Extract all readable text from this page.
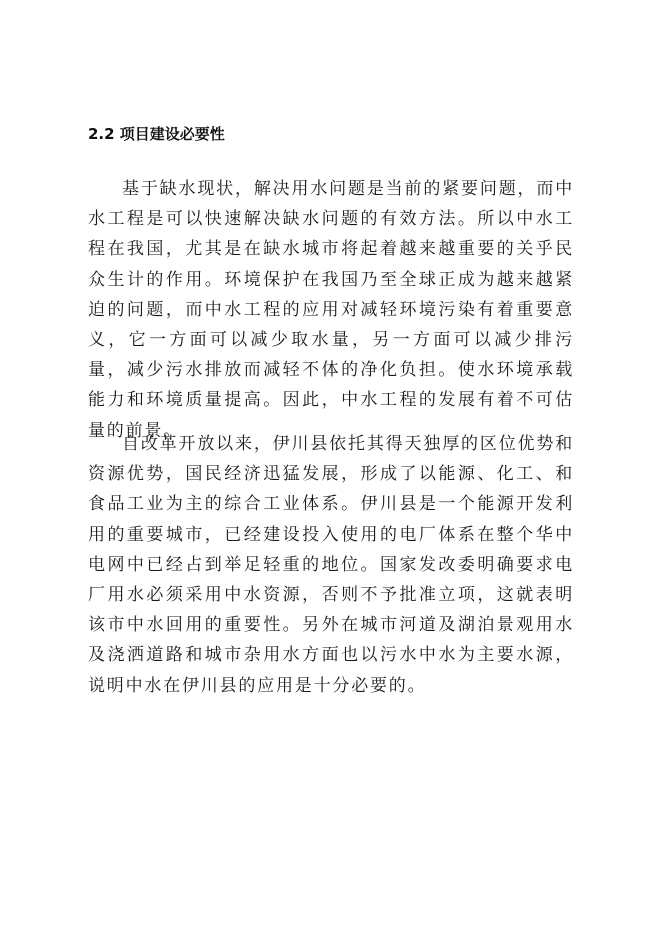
2.2 项目建设必要性

基于缺水现状，解决用水问题是当前的紧要问题，而中水工程是可以快速解决缺水问题的有效方法。所以中水工程在我国，尤其是在缺水城市将起着越来越重要的关乎民众生计的作用。环境保护在我国乃至全球正成为越来越紧迫的问题，而中水工程的应用对减轻环境污染有着重要意义，它一方面可以减少取水量，另一方面可以减少排污量，减少污水排放而减轻不体的净化负担。使水环境承载能力和环境质量提高。因此，中水工程的发展有着不可估量的前景。

自改革开放以来，伊川县依托其得天独厚的区位优势和资源优势，国民经济迅猛发展，形成了以能源、化工、和食品工业为主的综合工业体系。伊川县是一个能源开发利用的重要城市，已经建设投入使用的电厂体系在整个华中电网中已经占到举足轻重的地位。国家发改委明确要求电厂用水必须采用中水资源，否则不予批准立项，这就表明该市中水回用的重要性。另外在城市河道及湖泊景观用水及浇洒道路和城市杂用水方面也以污水中水为主要水源，说明中水在伊川县的应用是十分必要的。
